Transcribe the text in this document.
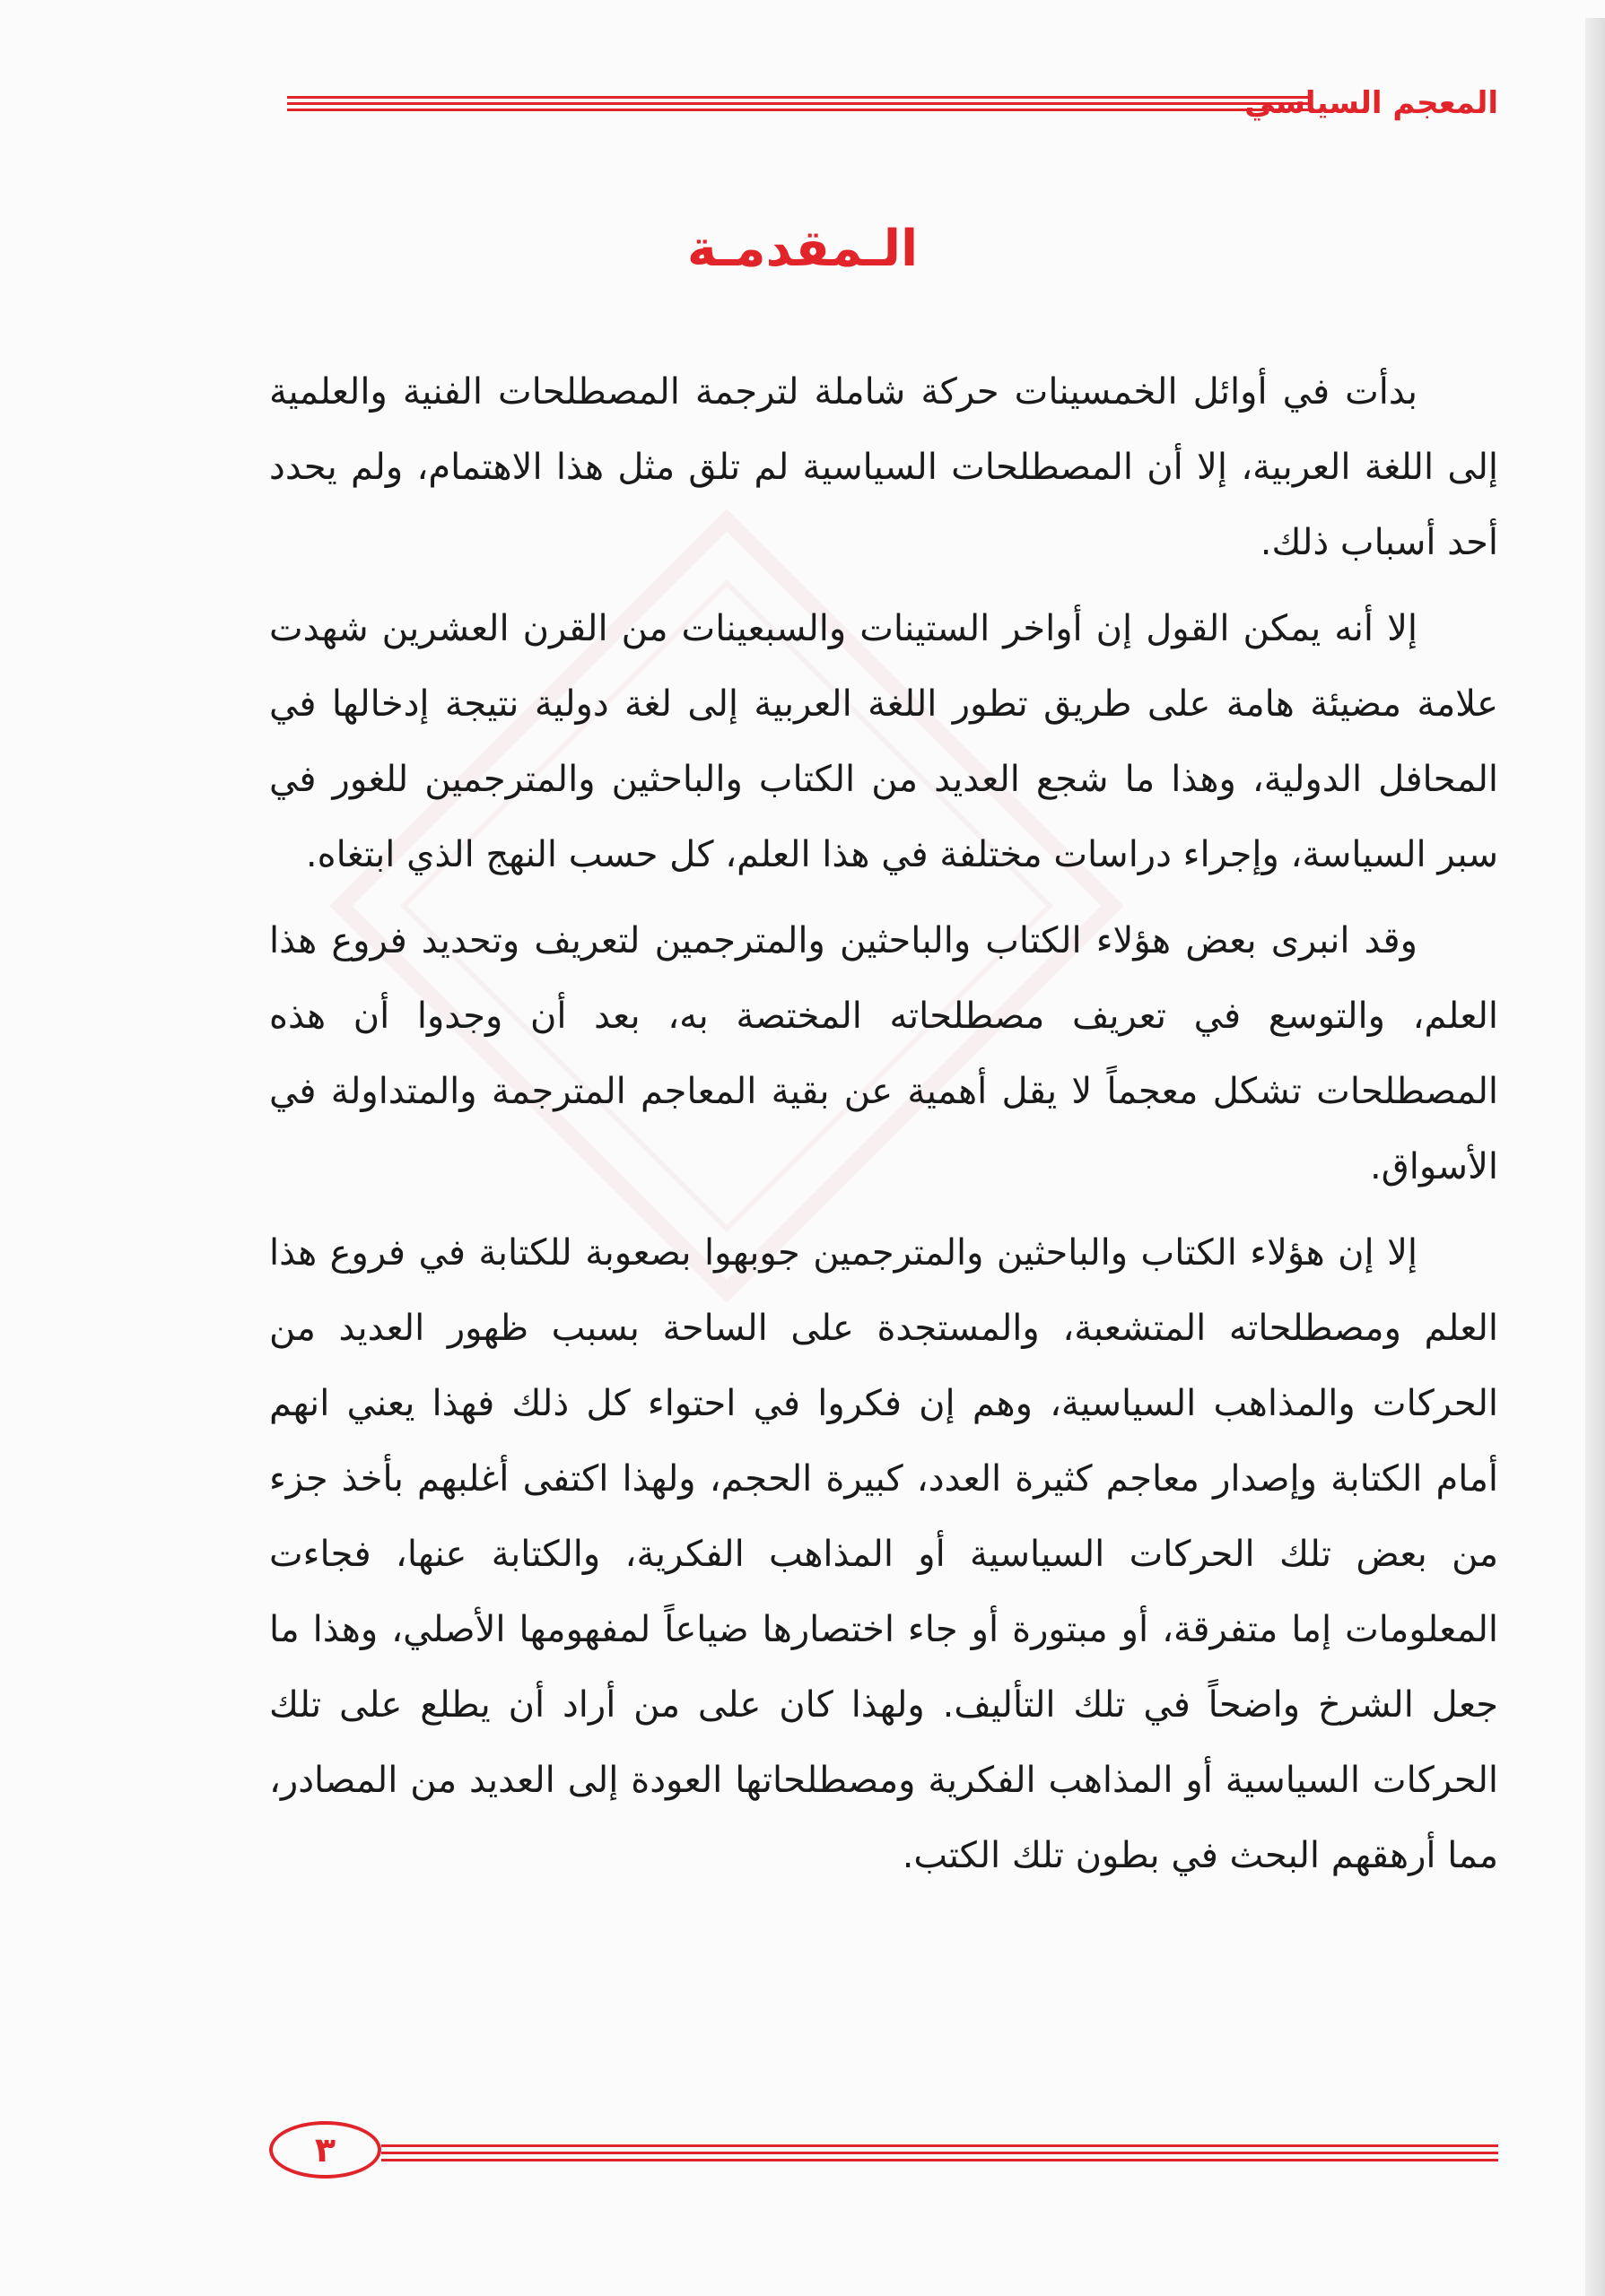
المعجم السياسي
الـمقدمـة

بدأت في أوائل الخمسينات حركة شاملة لترجمة المصطلحات الفنية والعلمية إلى اللغة العربية، إلا أن المصطلحات السياسية لم تلق مثل هذا الاهتمام، ولم يحدد أحد أسباب ذلك.

إلا أنه يمكن القول إن أواخر الستينات والسبعينات من القرن العشرين شهدت علامة مضيئة هامة على طريق تطور اللغة العربية إلى لغة دولية نتيجة إدخالها في المحافل الدولية، وهذا ما شجع العديد من الكتاب والباحثين والمترجمين للغور في سبر السياسة، وإجراء دراسات مختلفة في هذا العلم، كل حسب النهج الذي ابتغاه.

وقد انبرى بعض هؤلاء الكتاب والباحثين والمترجمين لتعريف وتحديد فروع هذا العلم، والتوسع في تعريف مصطلحاته المختصة به، بعد أن وجدوا أن هذه المصطلحات تشكل معجماً لا يقل أهمية عن بقية المعاجم المترجمة والمتداولة في الأسواق.

إلا إن هؤلاء الكتاب والباحثين والمترجمين جوبهوا بصعوبة للكتابة في فروع هذا العلم ومصطلحاته المتشعبة، والمستجدة على الساحة بسبب ظهور العديد من الحركات والمذاهب السياسية، وهم إن فكروا في احتواء كل ذلك فهذا يعني انهم أمام الكتابة وإصدار معاجم كثيرة العدد، كبيرة الحجم، ولهذا اكتفى أغلبهم بأخذ جزء من بعض تلك الحركات السياسية أو المذاهب الفكرية، والكتابة عنها، فجاءت المعلومات إما متفرقة، أو مبتورة أو جاء اختصارها ضياعاً لمفهومها الأصلي، وهذا ما جعل الشرخ واضحاً في تلك التأليف. ولهذا كان على من أراد أن يطلع على تلك الحركات السياسية أو المذاهب الفكرية ومصطلحاتها العودة إلى العديد من المصادر، مما أرهقهم البحث في بطون تلك الكتب.

٣
